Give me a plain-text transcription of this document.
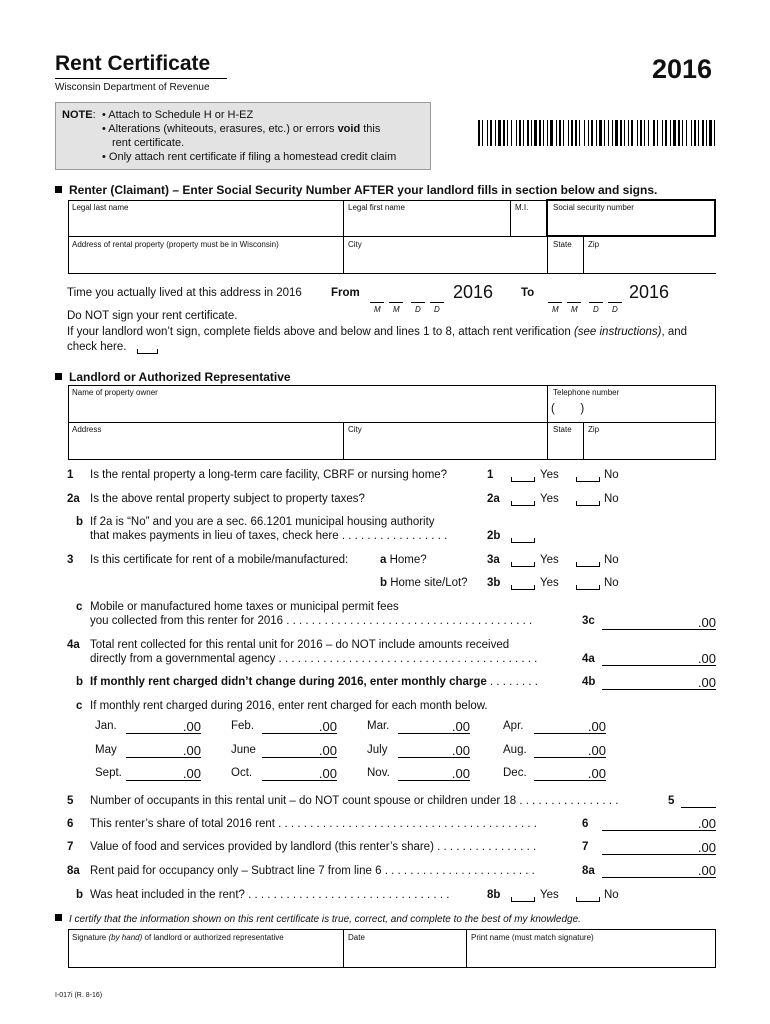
Rent Certificate
Wisconsin Department of Revenue
2016
NOTE: • Attach to Schedule H or H-EZ
• Alterations (whiteouts, erasures, etc.) or errors void this
rent certificate.
• Only attach rent certificate if filing a homestead credit claim
Renter (Claimant) – Enter Social Security Number AFTER your landlord fills in section below and signs.
Legal last name	Legal first name	M.I.	Social security number
Address of rental property (property must be in Wisconsin)	City	State Zip
Time you actually lived at this address in 2016	From	2016
M M D D
To	2016
M M D D
Do NOT sign your rent certificate.
If your landlord won’t sign, complete fields above and below and lines 1 to 8, attach rent verification (see instructions), and
check here.
Landlord or Authorized Representative
Name of property owner	Telephone number
(        )
Address	City	State Zip
1 Is the rental property a long-term care facility, CBRF or nursing home?	1	Yes	No
2a Is the above rental property subject to property taxes?	2a	Yes	No
b If 2a is “No” and you are a sec. 66.1201 municipal housing authority
that makes payments in lieu of taxes, check here . . . . . . . . . . . . . . . . .	2b
3 Is this certificate for rent of a mobile/manufactured:	a Home?	3a	Yes	No
b Home site/Lot? 3b	Yes	No
c Mobile or manufactured home taxes or municipal permit fees
you collected from this renter for 2016 . . . . . . . . . . . . . . . . . . . . . . . . . . . . . . . . . . . . . . .	3c	.00
4a Total rent collected for this rental unit for 2016 – do NOT include amounts received
directly from a governmental agency . . . . . . . . . . . . . . . . . . . . . . . . . . . . . . . . . . . . . . . . .	4a	.00
b If monthly rent charged didn’t change during 2016, enter monthly charge . . . . . . . .	4b	.00
c If monthly rent charged during 2016, enter rent charged for each month below.
Jan.	.00	Feb.	.00	Mar.	.00	Apr.	.00
May	.00	June	.00	July	.00	Aug.	.00
Sept.	.00	Oct.	.00	Nov.	.00	Dec.	.00
5 Number of occupants in this rental unit – do NOT count spouse or children under 18 . . . . . . . . . . . . . . . .	5
6 This renter’s share of total 2016 rent . . . . . . . . . . . . . . . . . . . . . . . . . . . . . . . . . . . . . . . . .	6	.00
7 Value of food and services provided by landlord (this renter’s share) . . . . . . . . . . . . . . . .	7	.00
8a Rent paid for occupancy only – Subtract line 7 from line 6 . . . . . . . . . . . . . . . . . . . . . . . .	8a	.00
b Was heat included in the rent? . . . . . . . . . . . . . . . . . . . . . . . . . . . . . . . .	8b	Yes	No
I certify that the information shown on this rent certificate is true, correct, and complete to the best of my knowledge.
Signature (by hand) of landlord or authorized representative	Date	Print name (must match signature)
I-017i (R. 8-16)
